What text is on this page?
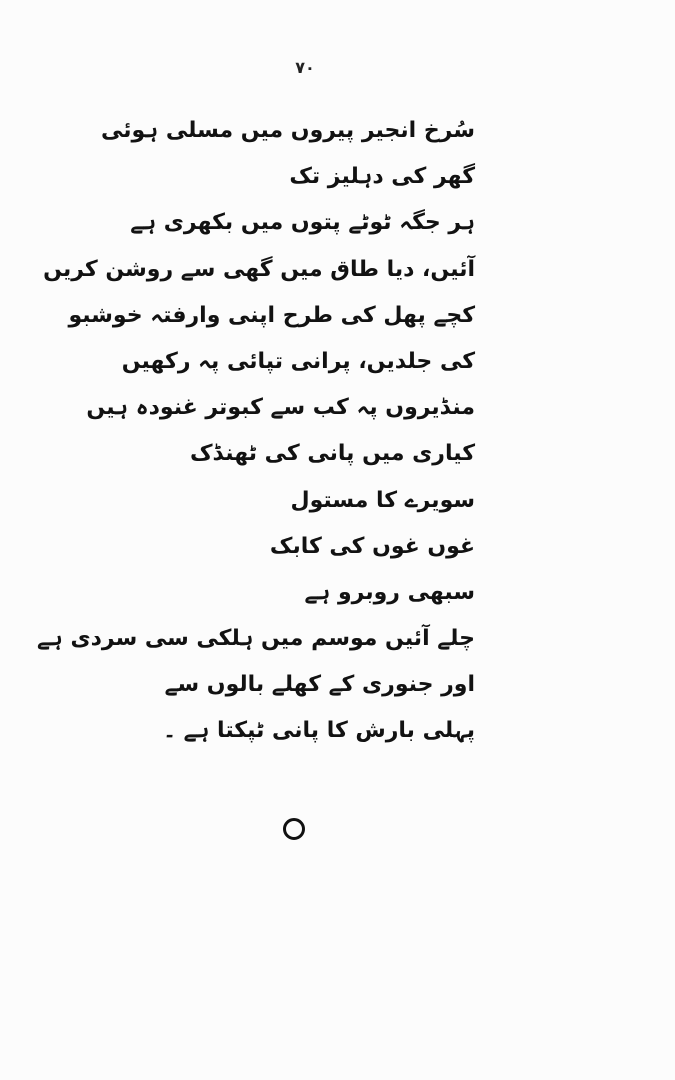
۷۰
سُرخ انجیر پیروں میں مسلی ہوئی
گھر کی دہلیز تک
ہر جگہ ٹوٹے پتوں میں بکھری ہے
آئیں، دیا طاق میں گھی سے روشن کریں
کچے پھل کی طرح اپنی وارفتہ خوشبو
کی جلدیں، پرانی تپائی پہ رکھیں
منڈیروں پہ کب سے کبوتر غنودہ ہیں
کیاری میں پانی کی ٹھنڈک
سویرے کا مستول
غوں غوں کی کابک
سبھی روبرو ہے
چلے آئیں موسم میں ہلکی سی سردی ہے
اور جنوری کے کھلے بالوں سے
پہلی بارش کا پانی ٹپکتا ہے ۔
